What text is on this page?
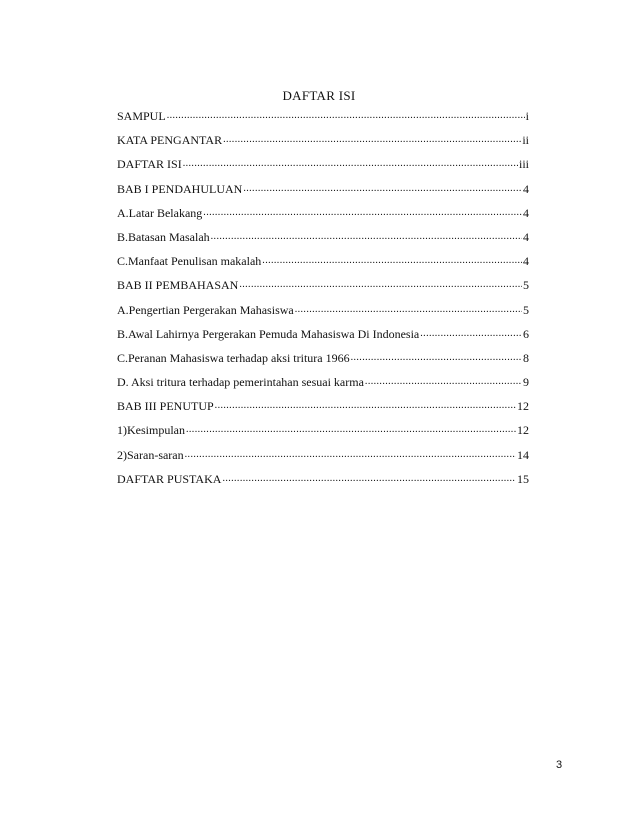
DAFTAR ISI
SAMPUL .....	i
KATA PENGANTAR .....	ii
DAFTAR ISI .....	iii
BAB I PENDAHULUAN .....	4
A.Latar Belakang .....	4
B.Batasan Masalah .....	4
C.Manfaat Penulisan makalah .....	4
BAB II PEMBAHASAN .....	5
A.Pengertian Pergerakan Mahasiswa .....	5
B.Awal Lahirnya Pergerakan Pemuda Mahasiswa Di Indonesia .....	6
C.Peranan Mahasiswa terhadap aksi tritura 1966 .....	8
D. Aksi tritura terhadap pemerintahan sesuai karma .....	9
BAB III PENUTUP .....	12
1)Kesimpulan .....	12
2)Saran-saran .....	14
DAFTAR PUSTAKA .....	15
3
